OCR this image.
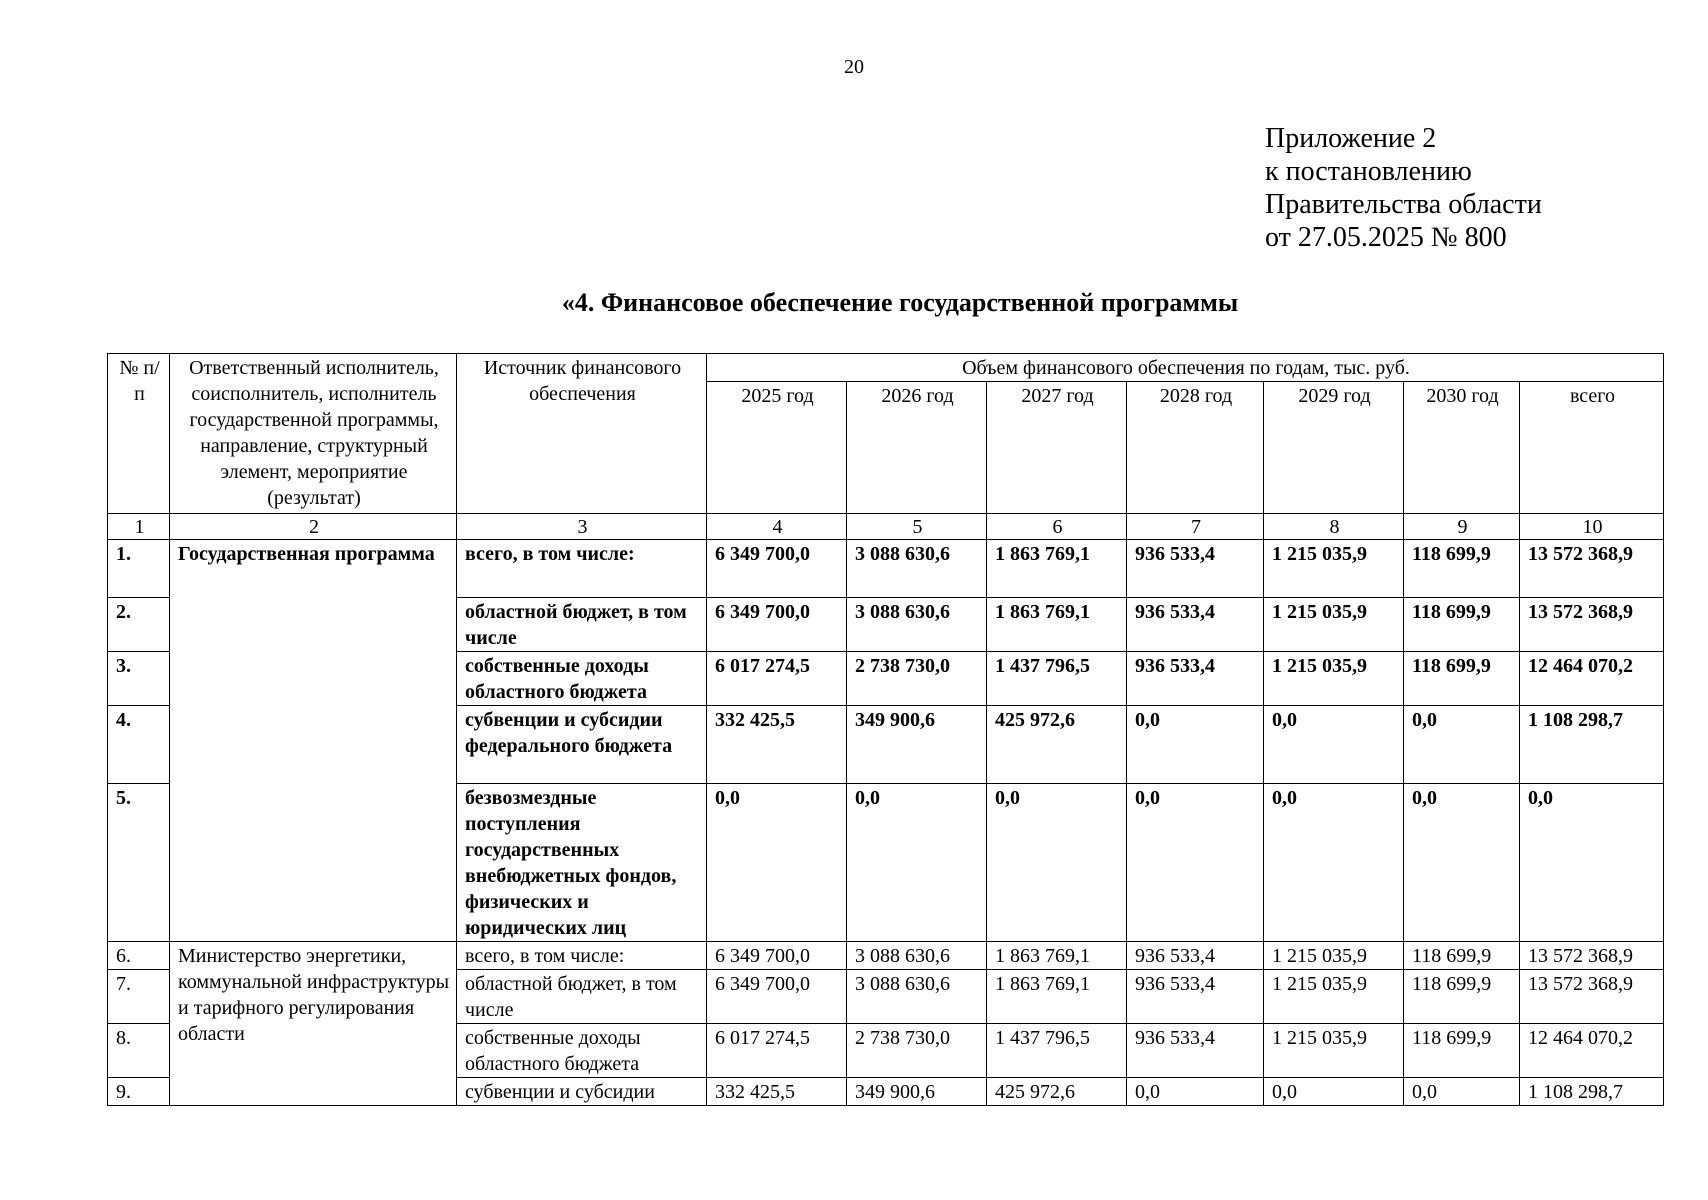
20
Приложение 2
к постановлению
Правительства области
от 27.05.2025 № 800
«4. Финансовое обеспечение государственной программы
№ п/п	Ответственный исполнитель, соисполнитель, исполнитель государственной программы, направление, структурный элемент, мероприятие (результат)	Источник финансового обеспечения	Объем финансового обеспечения по годам, тыс. руб.						
			2025 год	2026 год	2027 год	2028 год	2029 год	2030 год	всего
1	2	3	4	5	6	7	8	9	10
1.	Государственная программа	всего, в том числе:	6 349 700,0	3 088 630,6	1 863 769,1	936 533,4	1 215 035,9	118 699,9	13 572 368,9
2.		областной бюджет, в том числе	6 349 700,0	3 088 630,6	1 863 769,1	936 533,4	1 215 035,9	118 699,9	13 572 368,9
3.		собственные доходы областного бюджета	6 017 274,5	2 738 730,0	1 437 796,5	936 533,4	1 215 035,9	118 699,9	12 464 070,2
4.		субвенции и субсидии федерального бюджета	332 425,5	349 900,6	425 972,6	0,0	0,0	0,0	1 108 298,7
5.		безвозмездные поступления государственных внебюджетных фондов, физических и юридических лиц	0,0	0,0	0,0	0,0	0,0	0,0	0,0
6.	Министерство энергетики, коммунальной инфраструктуры и тарифного регулирования области	всего, в том числе:	6 349 700,0	3 088 630,6	1 863 769,1	936 533,4	1 215 035,9	118 699,9	13 572 368,9
7.		областной бюджет, в том числе	6 349 700,0	3 088 630,6	1 863 769,1	936 533,4	1 215 035,9	118 699,9	13 572 368,9
8.		собственные доходы областного бюджета	6 017 274,5	2 738 730,0	1 437 796,5	936 533,4	1 215 035,9	118 699,9	12 464 070,2
9.		субвенции и субсидии	332 425,5	349 900,6	425 972,6	0,0	0,0	0,0	1 108 298,7
